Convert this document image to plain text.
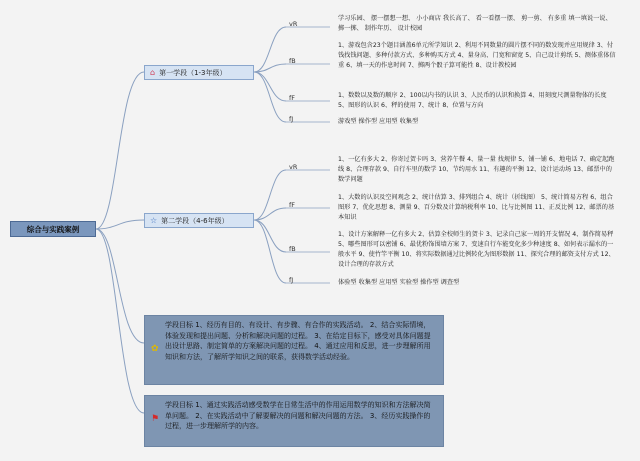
综合与实践案例
⌂ 第一学段（1-3年级）
vR
学习乐园、 摆一摆想一想、 小小商店 我长高了、 看一看摆一摆、 剪一剪、 有多重 填一填说一说、 掷一掷、 制作年历、 设计校园
fB
1、游戏包含23个题目涵盖6单元所学知识 2、利用不同数量的圆片摆不同的数发现并应用规律 3、付钱找钱问题、多种付款方式、多种购买方式 4、量身高、门宽和窗宽 5、自己设计剪纸 5、测体重体信重 6、填一天的作息时间 7、掷两个骰子算可能性 8、设计教校园
fF	1、数数以及数的顺序 2、100以内书的认识 3、人民币的认识和换算 4、用刻度尺测量物体的长度 5、图形的认识 6、秤的使用 7、统计 8、位置与方向
fJ	游戏型 操作型 应用型 收集型
☆ 第二学段（4-6年级）
vR
1、一亿有多大 2、你寄过贺卡吗 3、营养午餐 4、量一量 找规律 5、铺一铺 6、地电话 7、确定起跑线 8、合理存款 9、自行车里的数学 10、节约用水 11、有趣的平衡 12、设计运动场 13、邮票中的数学问题
fF
1、大数的认识及空间观念 2、统计估算 3、排列组合 4、统计（折线图） 5、统计简易方程 6、组合图形 7、优化思想 8、测量 9、百分数及计算纳税利率 10、比与比例图 11、正反比例 12、邮票的基本知识
fB
1、设计方案解释一亿有多大 2、估算全校师生的贺卡 3、记录自己家一周的开支情况 4、制作简易秤 5、哪些图形可以密铺 6、最优粉饰围墙方案 7、变速自行车能变化多少种速度 8、如何表示漏水的一般水平 9、使竹竿平衡 10、将实际数据通过比例转化为图形数据 11、探究合理的邮资支付方式 12、设计合理的存款方式
fJ	体验型 收集型 应用型 实验型 操作型 调查型
✿
学段目标 1、经历有目的、有设计、有步骤、有合作的实践活动。 2、结合实际情境，体验发现和提出问题、分析和解决问题的过程。 3、在给定目标下，感受对具体问题提出设计思路、制定简单的方案解决问题的过程。 4、通过应用和反思，进一步理解所用知识和方法，了解所学知识之间的联系，获得数学活动经验。
⚑
学段目标 1、通过实践活动感受数学在日常生活中的作用运用数学的知识和方法解决简单问题。 2、在实践活动中了解要解决的问题和解决问题的方法。 3、经历实践操作的过程，进一步理解所学的内容。
